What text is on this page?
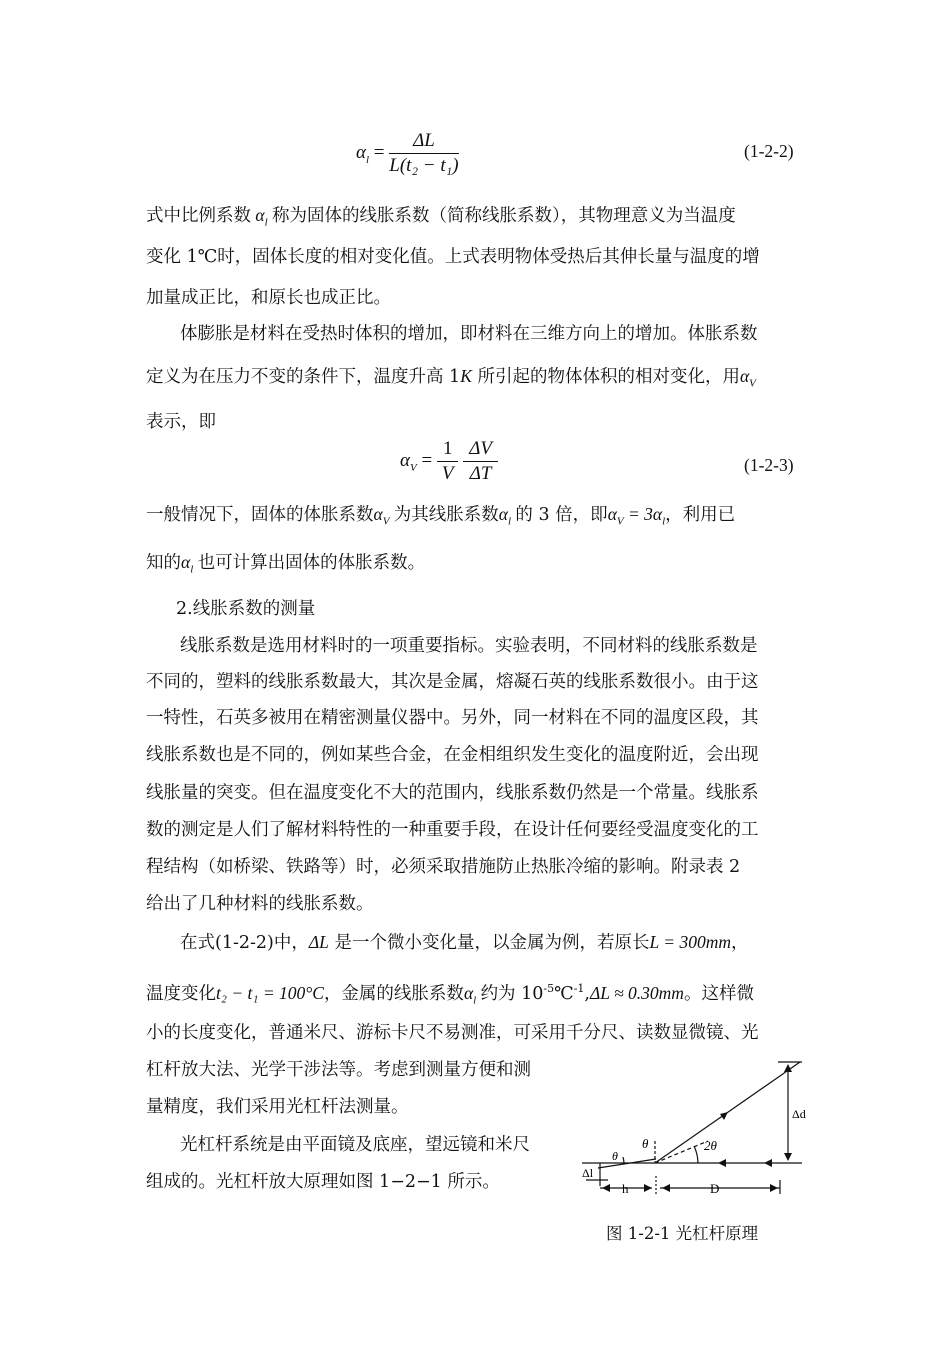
$\alpha_l = \frac{\Delta L}{\text{L(t₂ − t₁)}}$	(1-2-2)
式中比例系数 $\alpha_l$ 称为固体的线胀系数（简称线胀系数），其物理意义为当温度
变化 1℃时，固体长度的相对变化值。上式表明物体受热后其伸长量与温度的增
加量成正比，和原长也成正比。
体膨胀是材料在受热时体积的增加，即材料在三维方向上的增加。体胀系数
定义为在压力不变的条件下，温度升高 1K 所引起的物体体积的相对变化，用$\alpha_V$
表示，即
$\alpha_V = \frac{1}{V}$
$\frac{\Delta V}{\Delta T}$	(1-2-3)
一般情况下，固体的体胀系数$\alpha_V$ 为其线胀系数$\alpha_l$ 的 3 倍，即$\alpha_V = 3\alpha_l$，利用已
知的$\alpha_l$ 也可计算出固体的体胀系数。
2.线胀系数的测量
线胀系数是选用材料时的一项重要指标。实验表明，不同材料的线胀系数是
不同的，塑料的线胀系数最大，其次是金属，熔凝石英的线胀系数很小。由于这
一特性，石英多被用在精密测量仪器中。另外，同一材料在不同的温度区段，其
线胀系数也是不同的，例如某些合金，在金相组织发生变化的温度附近，会出现
线胀量的突变。但在温度变化不大的范围内，线胀系数仍然是一个常量。线胀系
数的测定是人们了解材料特性的一种重要手段，在设计任何要经受温度变化的工
程结构（如桥梁、铁路等）时，必须采取措施防止热胀冷缩的影响。附录表 2
给出了几种材料的线胀系数。
在式(1-2-2)中，ΔL 是一个微小变化量，以金属为例，若原长L = 300mm，
温度变化t₂ − t₁ = 100°C，金属的线胀系数$\alpha_l$ 约为 $10^{-5}℃^{-1},\Delta L \approx 0.30mm$。这样微
小的长度变化，普通米尺、游标卡尺不易测准，可采用千分尺、读数显微镜、光
杠杆放大法、光学干涉法等。考虑到测量方便和测
量精度，我们采用光杠杆法测量。
光杠杆系统是由平面镜及底座，望远镜和米尺
组成的。光杠杆放大原理如图 1−2−1 所示。
Δd
2θ
θ
θ
Δl
h	D
图 1-2-1 光杠杆原理
